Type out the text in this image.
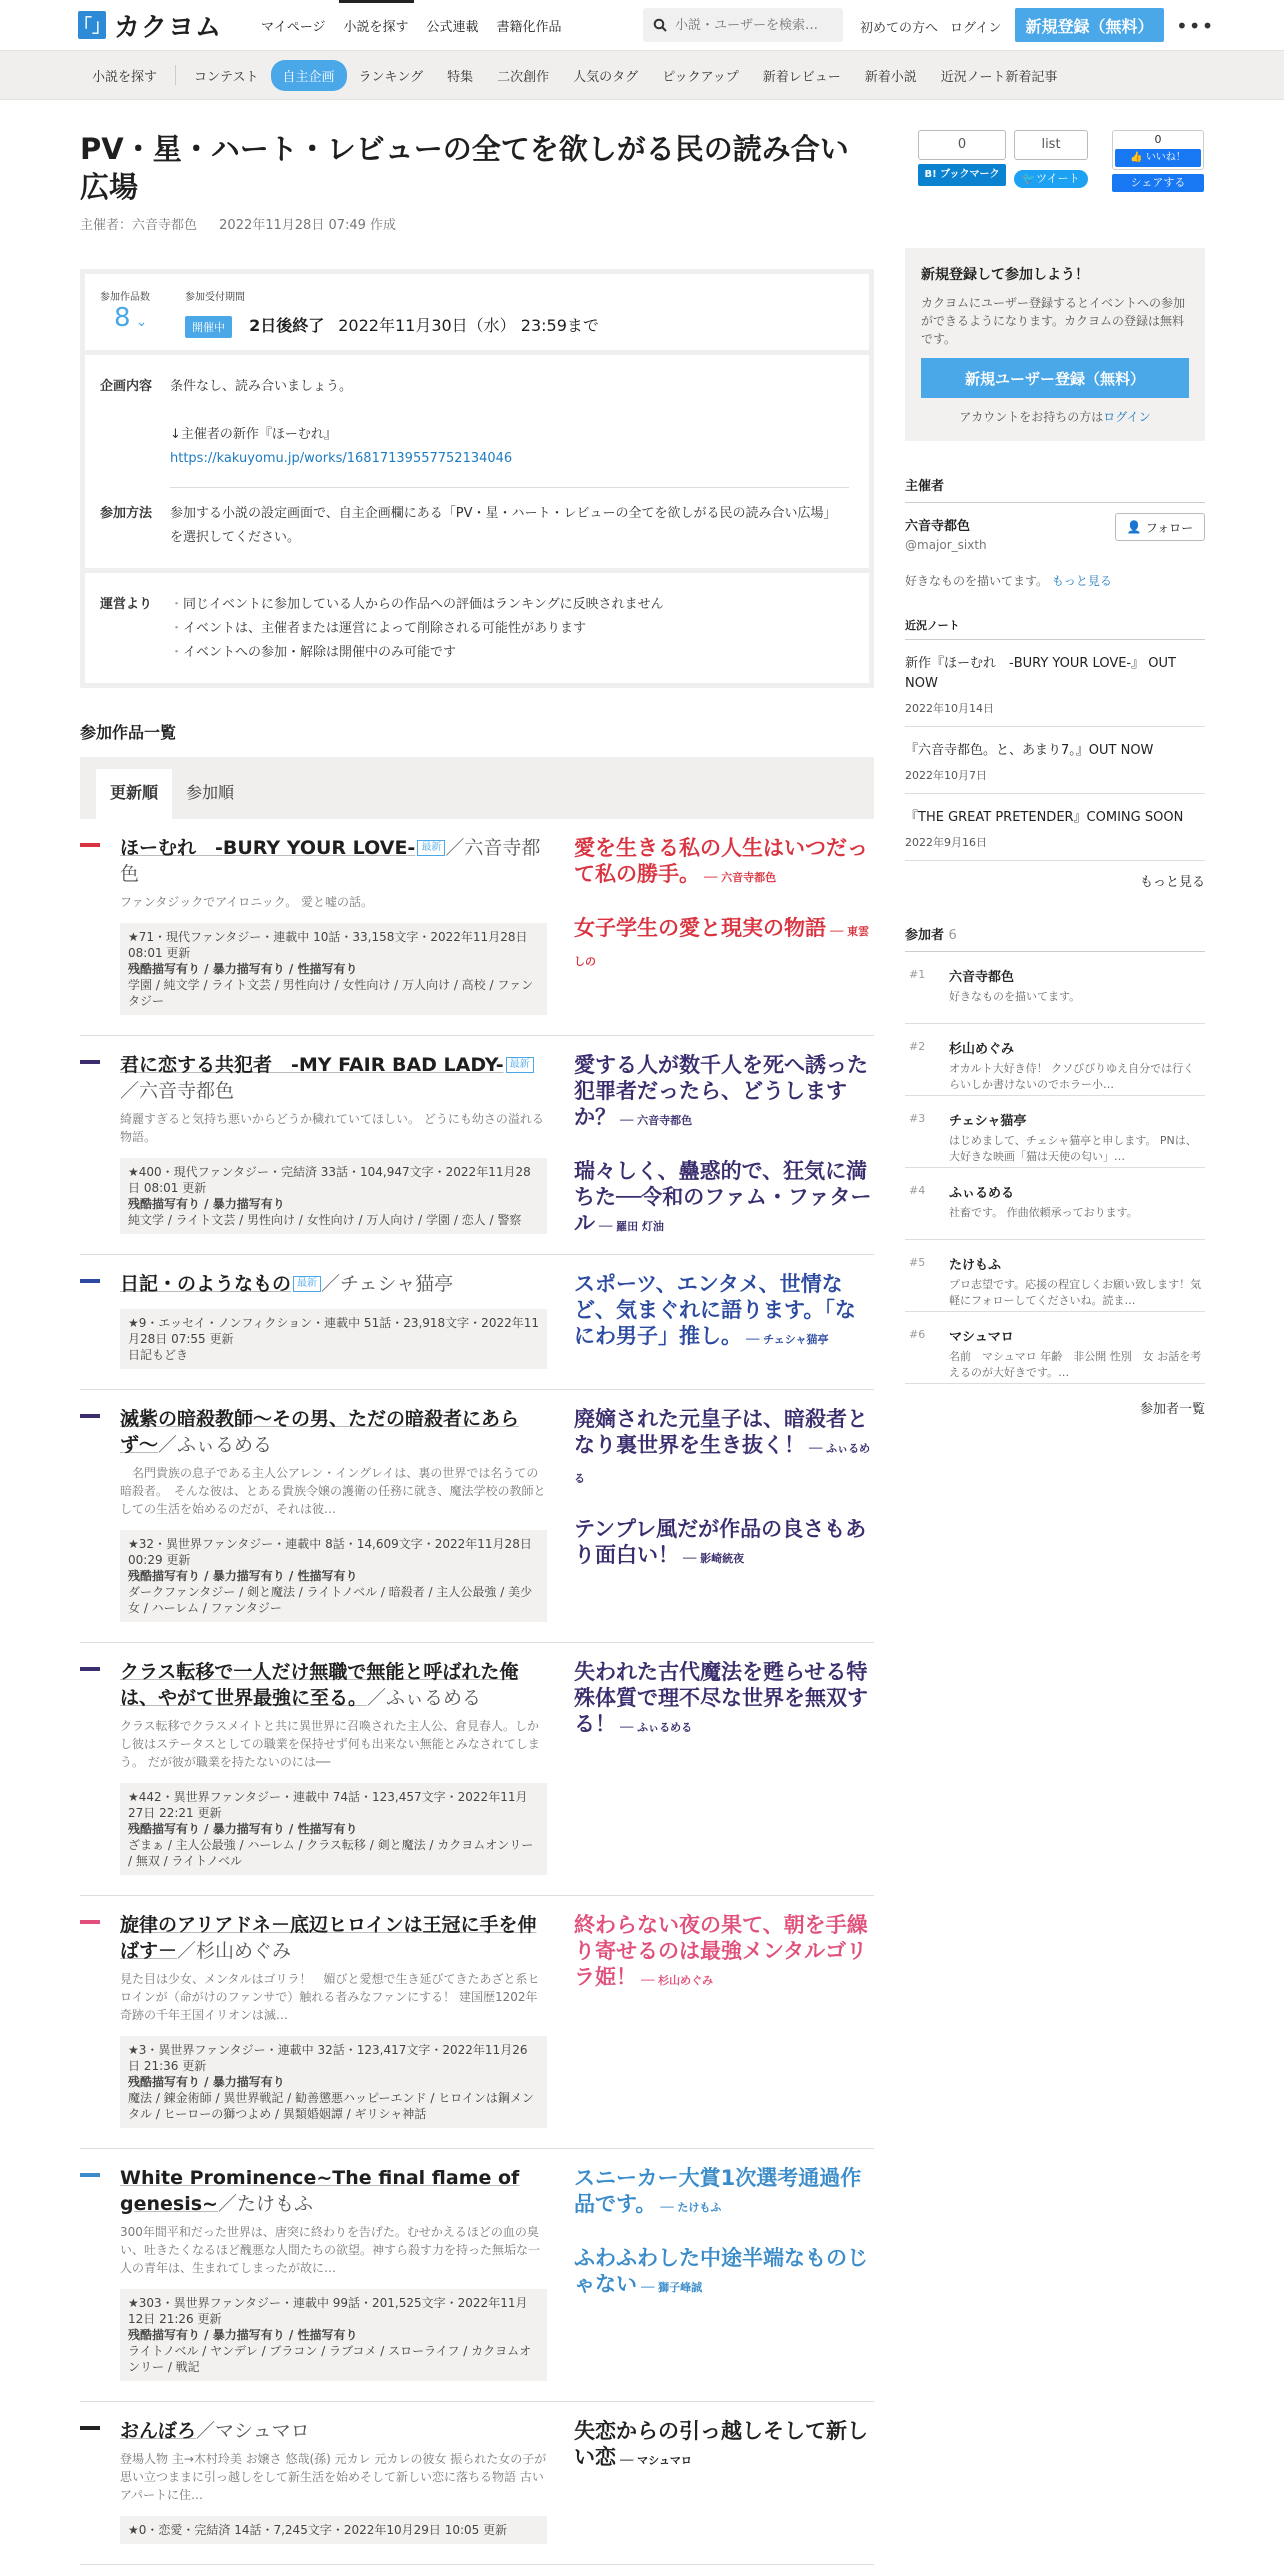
「」 カクヨム	マイページ	小説を探す	公式連載	書籍化作品
小説・ユーザーを検索…	初めての方へ ログイン	新規登録（無料）	•••
小説を探す	コンテスト	自主企画	ランキング	特集	二次創作	人気のタグ	ピックアップ	新着レビュー	新着小説	近況ノート新着記事
PV・星・ハート・レビューの全てを欲しがる民の読み合い広場
主催者：六音寺都色 2022年11月28日 07:49 作成
参加作品数
8 ⌄
参加受付期間
開催中 2日後終了 2022年11月30日（水） 23:59まで
企画内容	条件なし、読み合いましょう。
↓主催者の新作『ほーむれ』
https://kakuyomu.jp/works/16817139557752134046
参加方法	参加する小説の設定画面で、自主企画欄にある「PV・星・ハート・レビューの全てを欲しがる民の読み合い広場」を選択してください。
運営より	・ 同じイベントに参加している人からの作品への評価はランキングに反映されません
・ イベントは、主催者または運営によって削除される可能性があります
・ イベントへの参加・解除は開催中のみ可能です
参加作品一覧
更新順	参加順
ほーむれ　-BURY YOUR LOVE- 最新 ／六音寺都色
ファンタジックでアイロニック。 愛と嘘の話。
★71・現代ファンタジー・連載中 10話・33,158文字・2022年11月28日 08:01 更新
残酷描写有り / 暴力描写有り / 性描写有り
学園 / 純文学 / ライト文芸 / 男性向け / 女性向け / 万人向け / 高校 / ファンタジー
愛を生きる私の人生はいつだって私の勝手。 ── 六音寺都色
女子学生の愛と現実の物語 ── 東雲しの
君に恋する共犯者　-MY FAIR BAD LADY- 最新／六音寺都色
綺麗すぎると気持ち悪いからどうか穢れていてほしい。 どうにも幼さの溢れる物語。
★400・現代ファンタジー・完結済 33話・104,947文字・2022年11月28日 08:01 更新
残酷描写有り / 暴力描写有り
純文学 / ライト文芸 / 男性向け / 女性向け / 万人向け / 学園 / 恋人 / 警察
愛する人が数千人を死へ誘った犯罪者だったら、どうしますか？ ── 六音寺都色
瑞々しく、蠱惑的で、狂気に満ちた──令和のファム・ファタール ── 羅田 灯油
日記・のようなもの 最新 ／チェシャ猫亭
★9・エッセイ・ノンフィクション・連載中 51話・23,918文字・2022年11月28日 07:55 更新
日記もどき
スポーツ、エンタメ、世情など、気まぐれに語ります。「なにわ男子」推し。 ── チェシャ猫亭
滅紫の暗殺教師〜その男、ただの暗殺者にあらず〜／ふぃるめる
　名門貴族の息子である主人公アレン・イングレイは、裏の世界では名うての暗殺者。　そんな彼は、とある貴族令嬢の護衛の任務に就き、魔法学校の教師としての生活を始めるのだが、それは彼…
★32・異世界ファンタジー・連載中 8話・14,609文字・2022年11月28日 00:29 更新
残酷描写有り / 暴力描写有り / 性描写有り
ダークファンタジー / 剣と魔法 / ライトノベル / 暗殺者 / 主人公最強 / 美少女 / ハーレム / ファンタジー
廃嫡された元皇子は、暗殺者となり裏世界を生き抜く！ ── ふぃるめる
テンプレ風だが作品の良さもあり面白い！ ── 影崎統夜
クラス転移で一人だけ無職で無能と呼ばれた俺は、やがて世界最強に至る。／ふぃるめる
クラス転移でクラスメイトと共に異世界に召喚された主人公、倉見春人。しかし彼はステータスとしての職業を保持せず何も出来ない無能とみなされてしまう。 だが彼が職業を持たないのには──
★442・異世界ファンタジー・連載中 74話・123,457文字・2022年11月27日 22:21 更新
残酷描写有り / 暴力描写有り / 性描写有り
ざまぁ / 主人公最強 / ハーレム / クラス転移 / 剣と魔法 / カクヨムオンリー / 無双 / ライトノベル
失われた古代魔法を甦らせる特殊体質で理不尽な世界を無双する！ ── ふぃるめる
旋律のアリアドネ－底辺ヒロインは王冠に手を伸ばす－／杉山めぐみ
見た目は少女、メンタルはゴリラ！　媚びと愛想で生き延びてきたあざと系ヒロインが（命がけのファンサで）触れる者みなファンにする！ 建国歴1202年　奇跡の千年王国イリオンは滅…
★3・異世界ファンタジー・連載中 32話・123,417文字・2022年11月26日 21:36 更新
残酷描写有り / 暴力描写有り
魔法 / 錬金術師 / 異世界戦記 / 勧善懲悪ハッピーエンド / ヒロインは鋼メンタル / ヒーローの獅つよめ / 異類婚姻譚 / ギリシャ神話
終わらない夜の果て、朝を手繰り寄せるのは最強メンタルゴリラ姫！ ── 杉山めぐみ
White Prominence~The final flame of genesis~／たけもふ
300年間平和だった世界は、唐突に終わりを告げた。むせかえるほどの血の臭い、吐きたくなるほど醜悪な人間たちの欲望。神すら殺す力を持った無垢な一人の青年は、生まれてしまったが故に…
★303・異世界ファンタジー・連載中 99話・201,525文字・2022年11月12日 21:26 更新
残酷描写有り / 暴力描写有り / 性描写有り
ライトノベル / ヤンデレ / ブラコン / ラブコメ / スローライフ / カクヨムオンリー / 戦記
スニーカー大賞1次選考通過作品です。 ── たけもふ
ふわふわした中途半端なものじゃない ── 獅子峰誠
おんぼろ／マシュマロ
登場人物 主→木村玲美 お嬢さ 悠哉(孫) 元カレ 元カレの彼女 振られた女の子が思い立つままに引っ越しをして新生活を始めそして新しい恋に落ちる物語 古いアパートに住…
★0・恋愛・完結済 14話・7,245文字・2022年10月29日 10:05 更新
失恋からの引っ越しそして新しい恋 ── マシュマロ
0
B! ブックマーク
list
🐦ツイート
0
👍 いいね！
シェアする
新規登録して参加しよう！

カクヨムにユーザー登録するとイベントへの参加ができるようになります。カクヨムの登録は無料です。

新規ユーザー登録（無料）
アカウントをお持ちの方はログイン
主催者
六音寺都色
@major_sixth
👤 フォロー
好きなものを描いてます。 もっと見る
近況ノート
新作『ほーむれ　-BURY YOUR LOVE-』 OUT NOW
2022年10月14日
『六音寺都色。と、あまり7。』OUT NOW
2022年10月7日
『THE GREAT PRETENDER』COMING SOON
2022年9月16日
もっと見る
参加者 6
#1 六音寺都色
好きなものを描いてます。
#2 杉山めぐみ
オカルト大好き侍！ クソびびりゆえ自分では行くらいしか書けないのでホラー小…
#3 チェシャ猫亭
はじめまして、チェシャ猫亭と申します。 PNは、大好きな映画「猫は天使の匂い」…
#4 ふぃるめる
社畜です。 作曲依頼承っております。
#5 たけもふ
プロ志望です。応援の程宜しくお願い致します！気軽にフォローしてくださいね。読ま…
#6 マシュマロ
名前　マシュマロ 年齢　非公開 性別　女 お話を考えるのが大好きです。…
参加者一覧
